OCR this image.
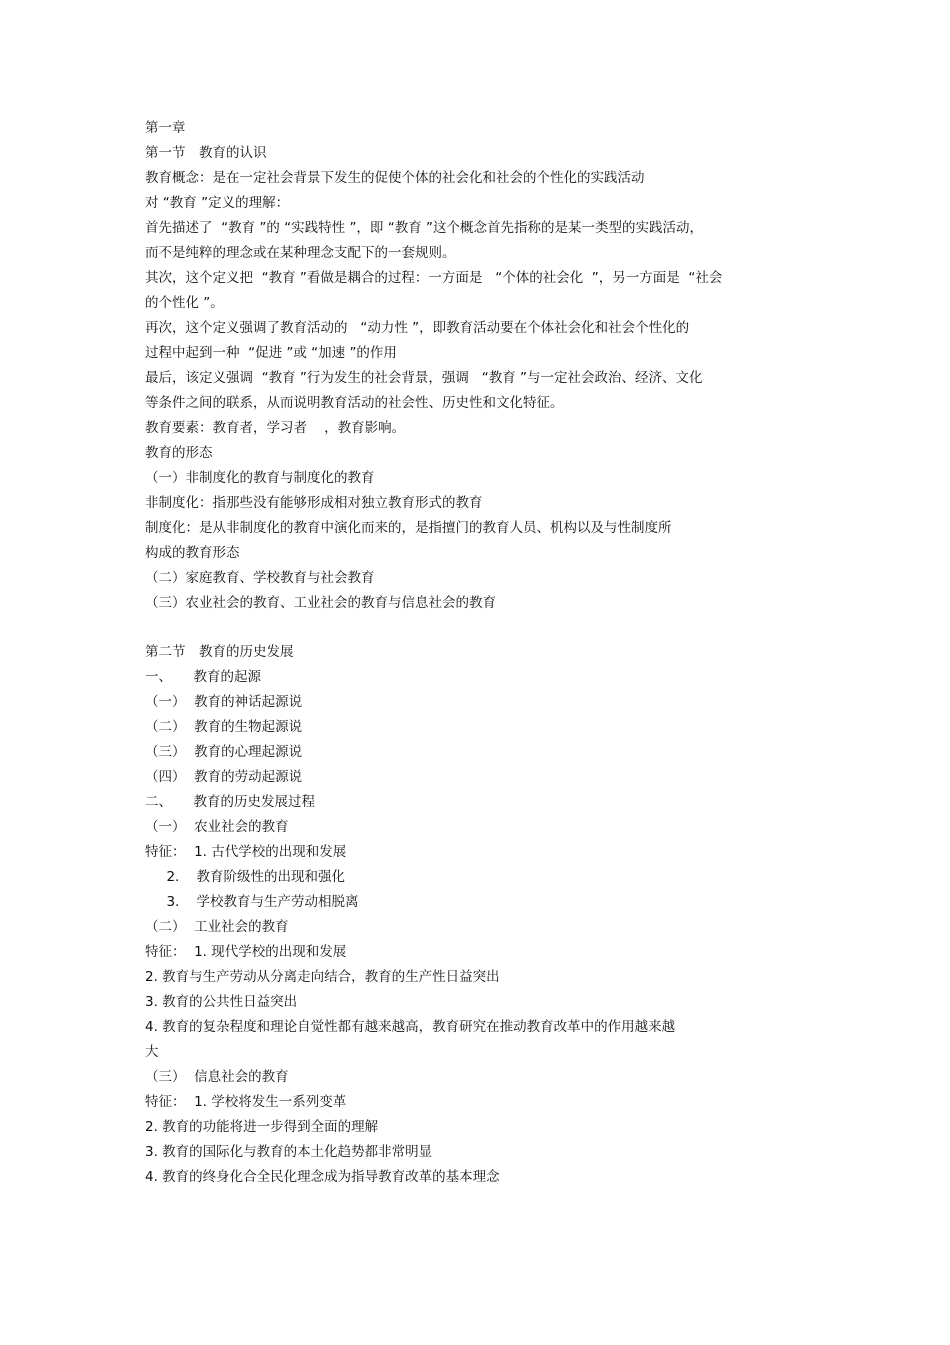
第一章
第一节　教育的认识
教育概念：是在一定社会背景下发生的促使个体的社会化和社会的个性化的实践活动
对 “教育 ”定义的理解：
首先描述了  “教育 ”的 “实践特性 ”，即 “教育 ”这个概念首先指称的是某一类型的实践活动，
而不是纯粹的理念或在某种理念支配下的一套规则。
其次，这个定义把  “教育 ”看做是耦合的过程：一方面是   “个体的社会化  ”，另一方面是  “社会
的个性化 ”。
再次，这个定义强调了教育活动的   “动力性 ”，即教育活动要在个体社会化和社会个性化的
过程中起到一种  “促进 ”或 “加速 ”的作用
最后，该定义强调  “教育 ”行为发生的社会背景，强调   “教育 ”与一定社会政治、经济、文化
等条件之间的联系，从而说明教育活动的社会性、历史性和文化特征。
教育要素：教育者，学习者    ，教育影响。
教育的形态
（一）非制度化的教育与制度化的教育
非制度化：指那些没有能够形成相对独立教育形式的教育
制度化：是从非制度化的教育中演化而来的，是指擅门的教育人员、机构以及与性制度所
构成的教育形态
（二）家庭教育、学校教育与社会教育
（三）农业社会的教育、工业社会的教育与信息社会的教育
第二节　教育的历史发展
一、     教育的起源
（一）  教育的神话起源说
（二）  教育的生物起源说
（三）  教育的心理起源说
（四）  教育的劳动起源说
二、     教育的历史发展过程
（一）  农业社会的教育
特征：  1. 古代学校的出现和发展
2.    教育阶级性的出现和强化
3.    学校教育与生产劳动相脱离
（二）  工业社会的教育
特征：  1. 现代学校的出现和发展
2. 教育与生产劳动从分离走向结合，教育的生产性日益突出
3. 教育的公共性日益突出
4. 教育的复杂程度和理论自觉性都有越来越高，教育研究在推动教育改革中的作用越来越
大
（三）  信息社会的教育
特征：  1. 学校将发生一系列变革
2. 教育的功能将进一步得到全面的理解
3. 教育的国际化与教育的本土化趋势都非常明显
4. 教育的终身化合全民化理念成为指导教育改革的基本理念
